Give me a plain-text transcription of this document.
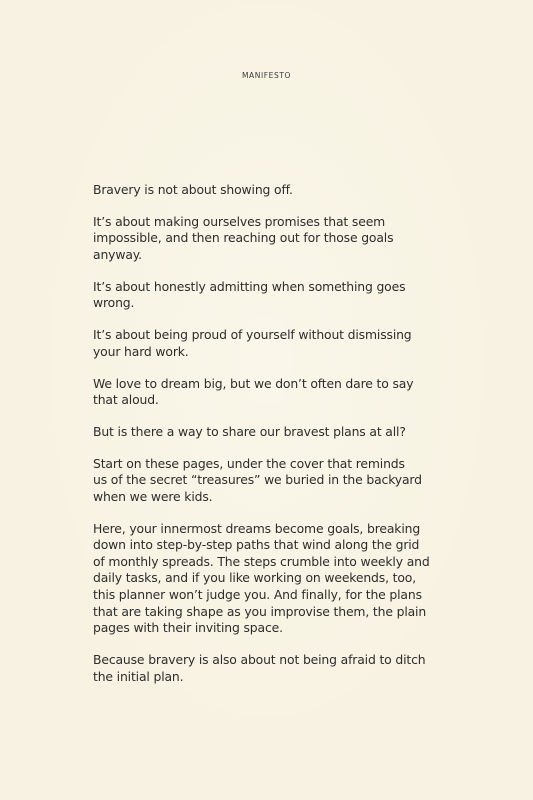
MANIFESTO

Bravery is not about showing off.

It’s about making ourselves promises that seem
impossible, and then reaching out for those goals
anyway.

It’s about honestly admitting when something goes
wrong.

It’s about being proud of yourself without dismissing
your hard work.

We love to dream big, but we don’t often dare to say
that aloud.

But is there a way to share our bravest plans at all?

Start on these pages, under the cover that reminds
us of the secret “treasures” we buried in the backyard
when we were kids.

Here, your innermost dreams become goals, breaking
down into step-by-step paths that wind along the grid
of monthly spreads. The steps crumble into weekly and
daily tasks, and if you like working on weekends, too,
this planner won’t judge you. And finally, for the plans
that are taking shape as you improvise them, the plain
pages with their inviting space.

Because bravery is also about not being afraid to ditch
the initial plan.
